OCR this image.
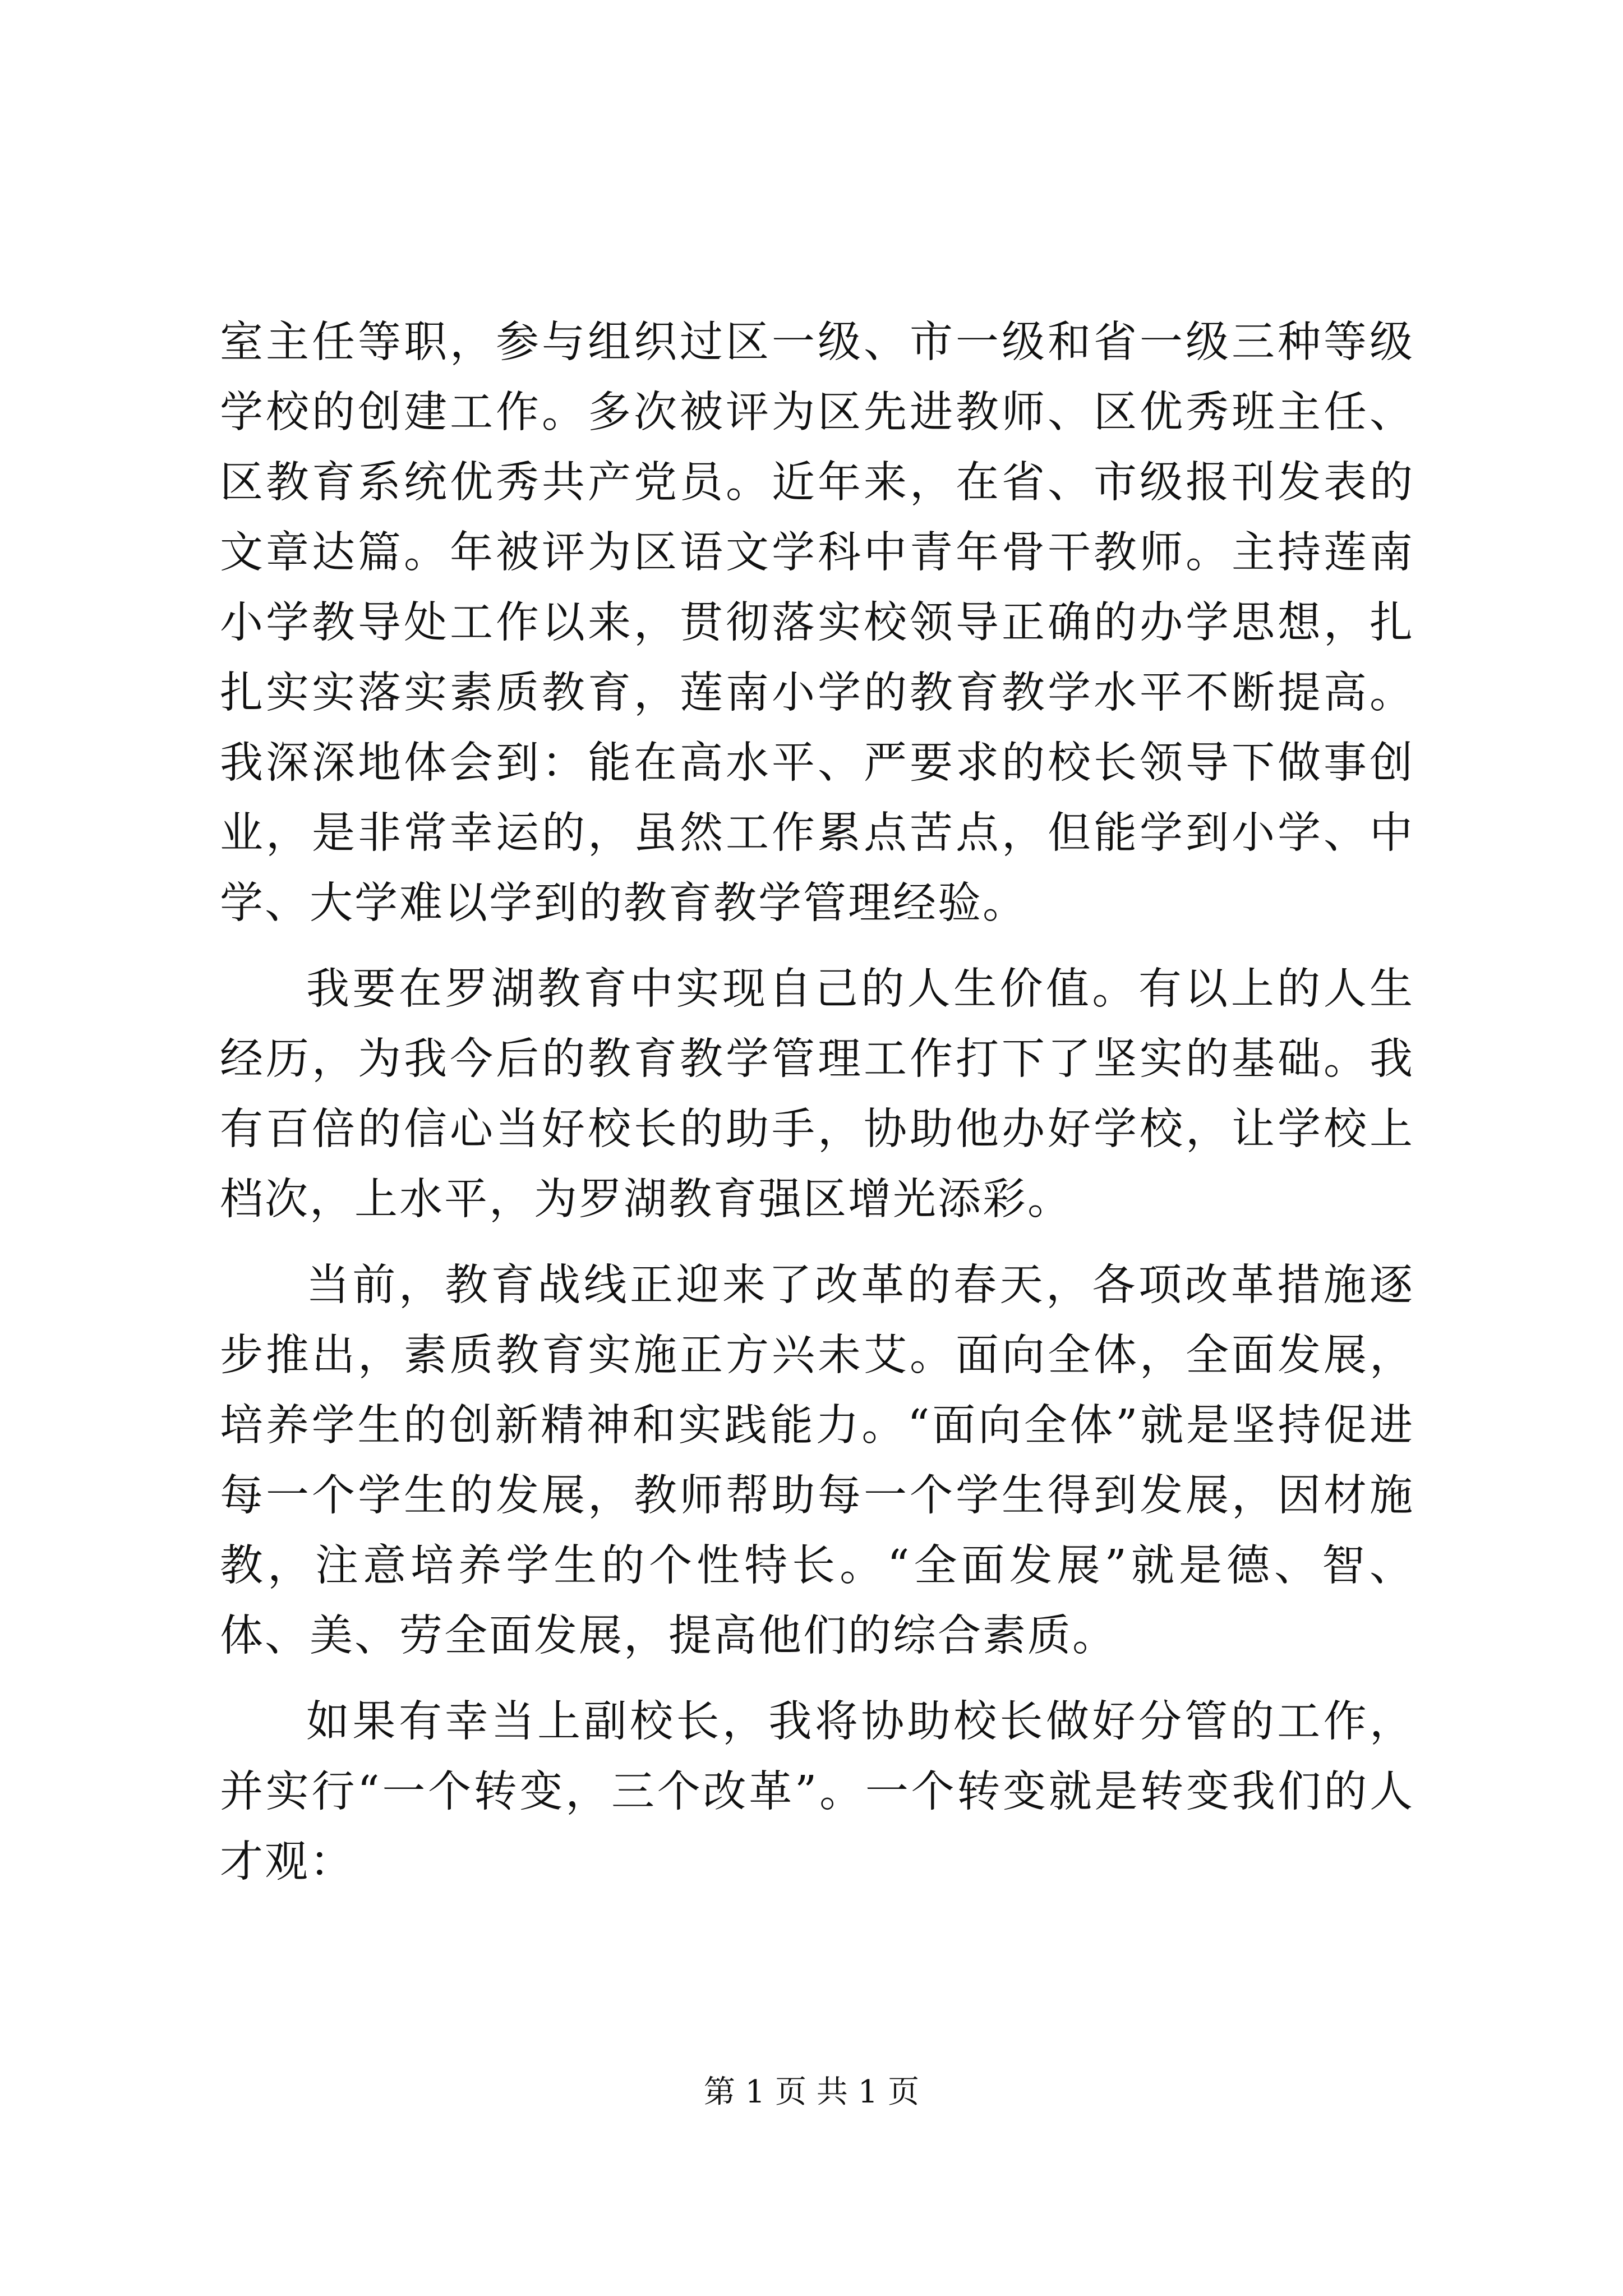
室主任等职，参与组织过区一级、市一级和省一级三种等级学校的创建工作。多次被评为区先进教师、区优秀班主任、区教育系统优秀共产党员。近年来，在省、市级报刊发表的文章达篇。年被评为区语文学科中青年骨干教师。主持莲南小学教导处工作以来，贯彻落实校领导正确的办学思想，扎扎实实落实素质教育，莲南小学的教育教学水平不断提高。我深深地体会到：能在高水平、严要求的校长领导下做事创业，是非常幸运的，虽然工作累点苦点，但能学到小学、中学、大学难以学到的教育教学管理经验。

我要在罗湖教育中实现自己的人生价值。有以上的人生经历，为我今后的教育教学管理工作打下了坚实的基础。我有百倍的信心当好校长的助手，协助他办好学校，让学校上档次，上水平，为罗湖教育强区增光添彩。

当前，教育战线正迎来了改革的春天，各项改革措施逐步推出，素质教育实施正方兴未艾。面向全体，全面发展，培养学生的创新精神和实践能力。“面向全体”就是坚持促进每一个学生的发展，教师帮助每一个学生得到发展，因材施教，注意培养学生的个性特长。“全面发展”就是德、智、体、美、劳全面发展，提高他们的综合素质。

如果有幸当上副校长，我将协助校长做好分管的工作，并实行“一个转变，三个改革”。一个转变就是转变我们的人才观：

第 1 页 共 1 页
